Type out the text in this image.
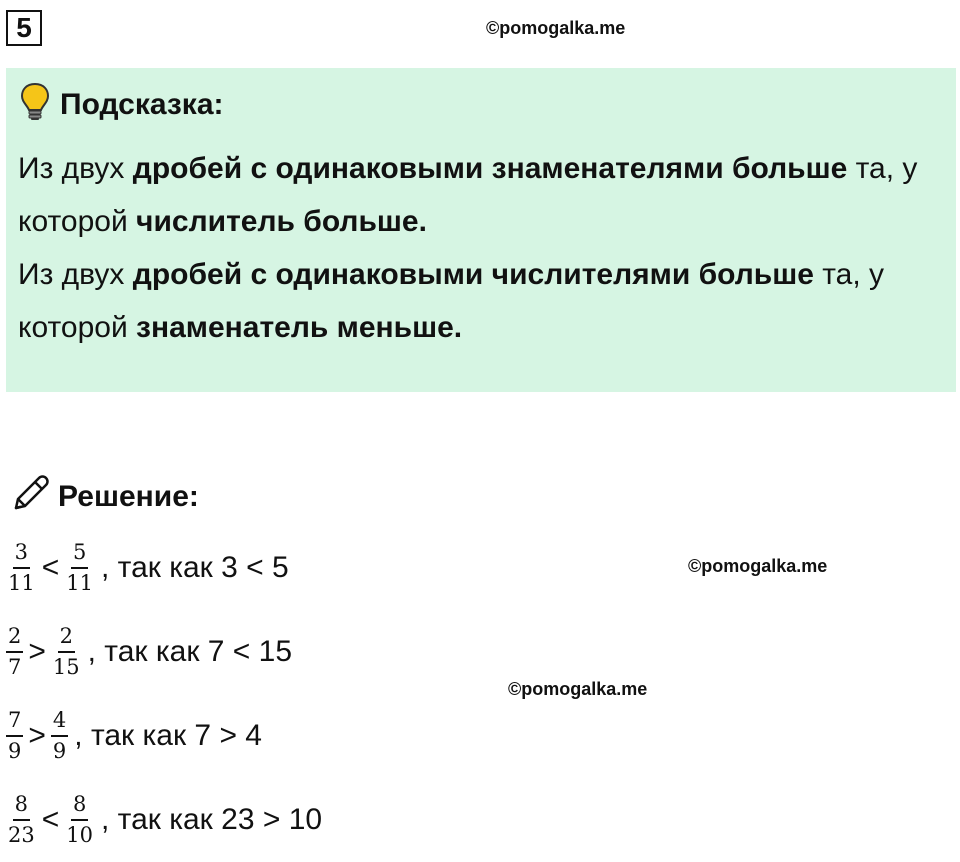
5	©pomogalka.me
Подсказка:
Из двух дробей с одинаковыми знаменателями больше та, у которой числитель больше.
Из двух дробей с одинаковыми числителями больше та, у которой знаменатель меньше.
Решение:
©pomogalka.me
©pomogalka.me
$\frac{3}{11} < \frac{5}{11}$ , так как 3 < 5
$\frac{2}{7} > \frac{2}{15}$ , так как 7 < 15
$\frac{7}{9} > \frac{4}{9}$ , так как 7 > 4
$\frac{8}{23} < \frac{8}{10}$ , так как 23 > 10
